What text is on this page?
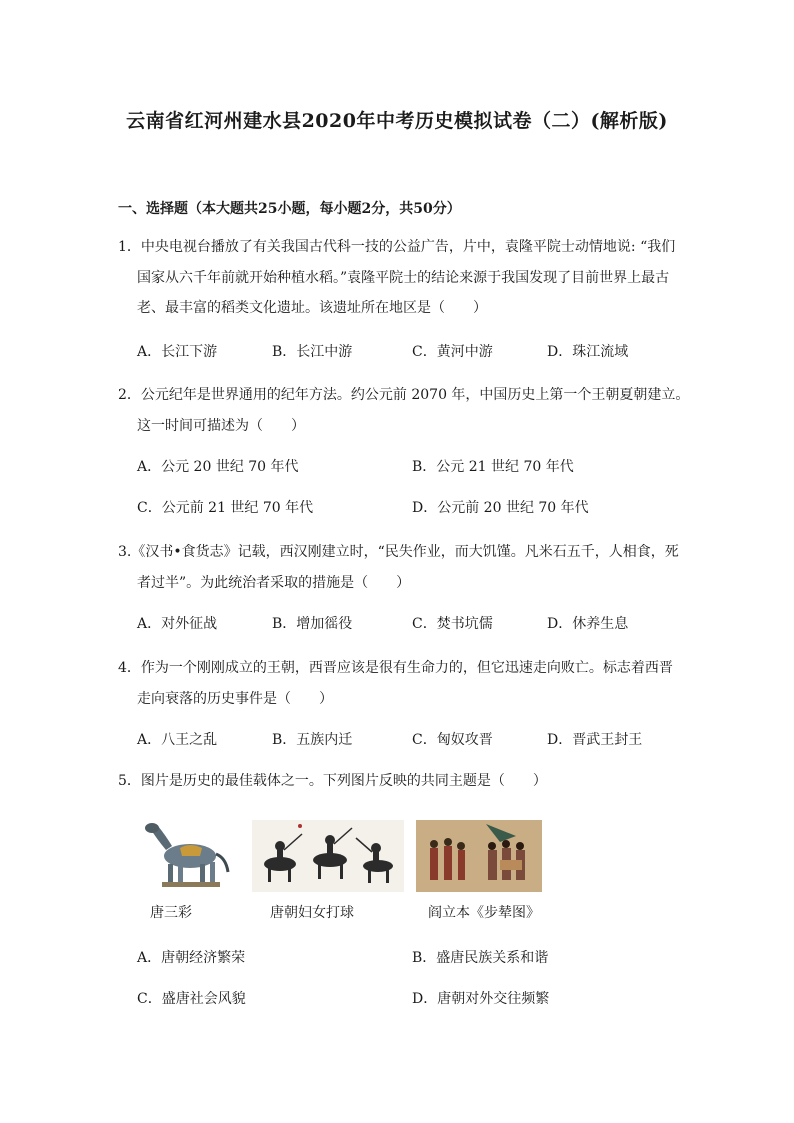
云南省红河州建水县2020年中考历史模拟试卷（二）(解析版)
一、选择题（本大题共25小题，每小题2分，共50分）
1．中央电视台播放了有关我国古代科一技的公益广告，片中，袁隆平院士动情地说: “我们
国家从六千年前就开始种植水稻。”袁隆平院士的结论来源于我国发现了目前世界上最古
老、最丰富的稻类文化遗址。该遗址所在地区是（　　）
A．长江下游	B．长江中游	C．黄河中游	D．珠江流域
2．公元纪年是世界通用的纪年方法。约公元前 2070 年，中国历史上第一个王朝夏朝建立。
这一时间可描述为（　　）
A．公元 20 世纪 70 年代	B．公元 21 世纪 70 年代
C．公元前 21 世纪 70 年代	D．公元前 20 世纪 70 年代
3.《汉书•食货志》记载，西汉刚建立时，“民失作业，而大饥馑。凡米石五千，人相食，死
者过半”。为此统治者采取的措施是（　　）
A．对外征战	B．增加徭役	C．焚书坑儒	D．休养生息
4．作为一个刚刚成立的王朝，西晋应该是很有生命力的，但它迅速走向败亡。标志着西晋
走向衰落的历史事件是（　　）
A．八王之乱	B．五族内迁	C．匈奴攻晋	D．晋武王封王
5．图片是历史的最佳载体之一。下列图片反映的共同主题是（　　）
唐三彩	唐朝妇女打球	阎立本《步辇图》
A．唐朝经济繁荣	B．盛唐民族关系和谐
C．盛唐社会风貌	D．唐朝对外交往频繁
